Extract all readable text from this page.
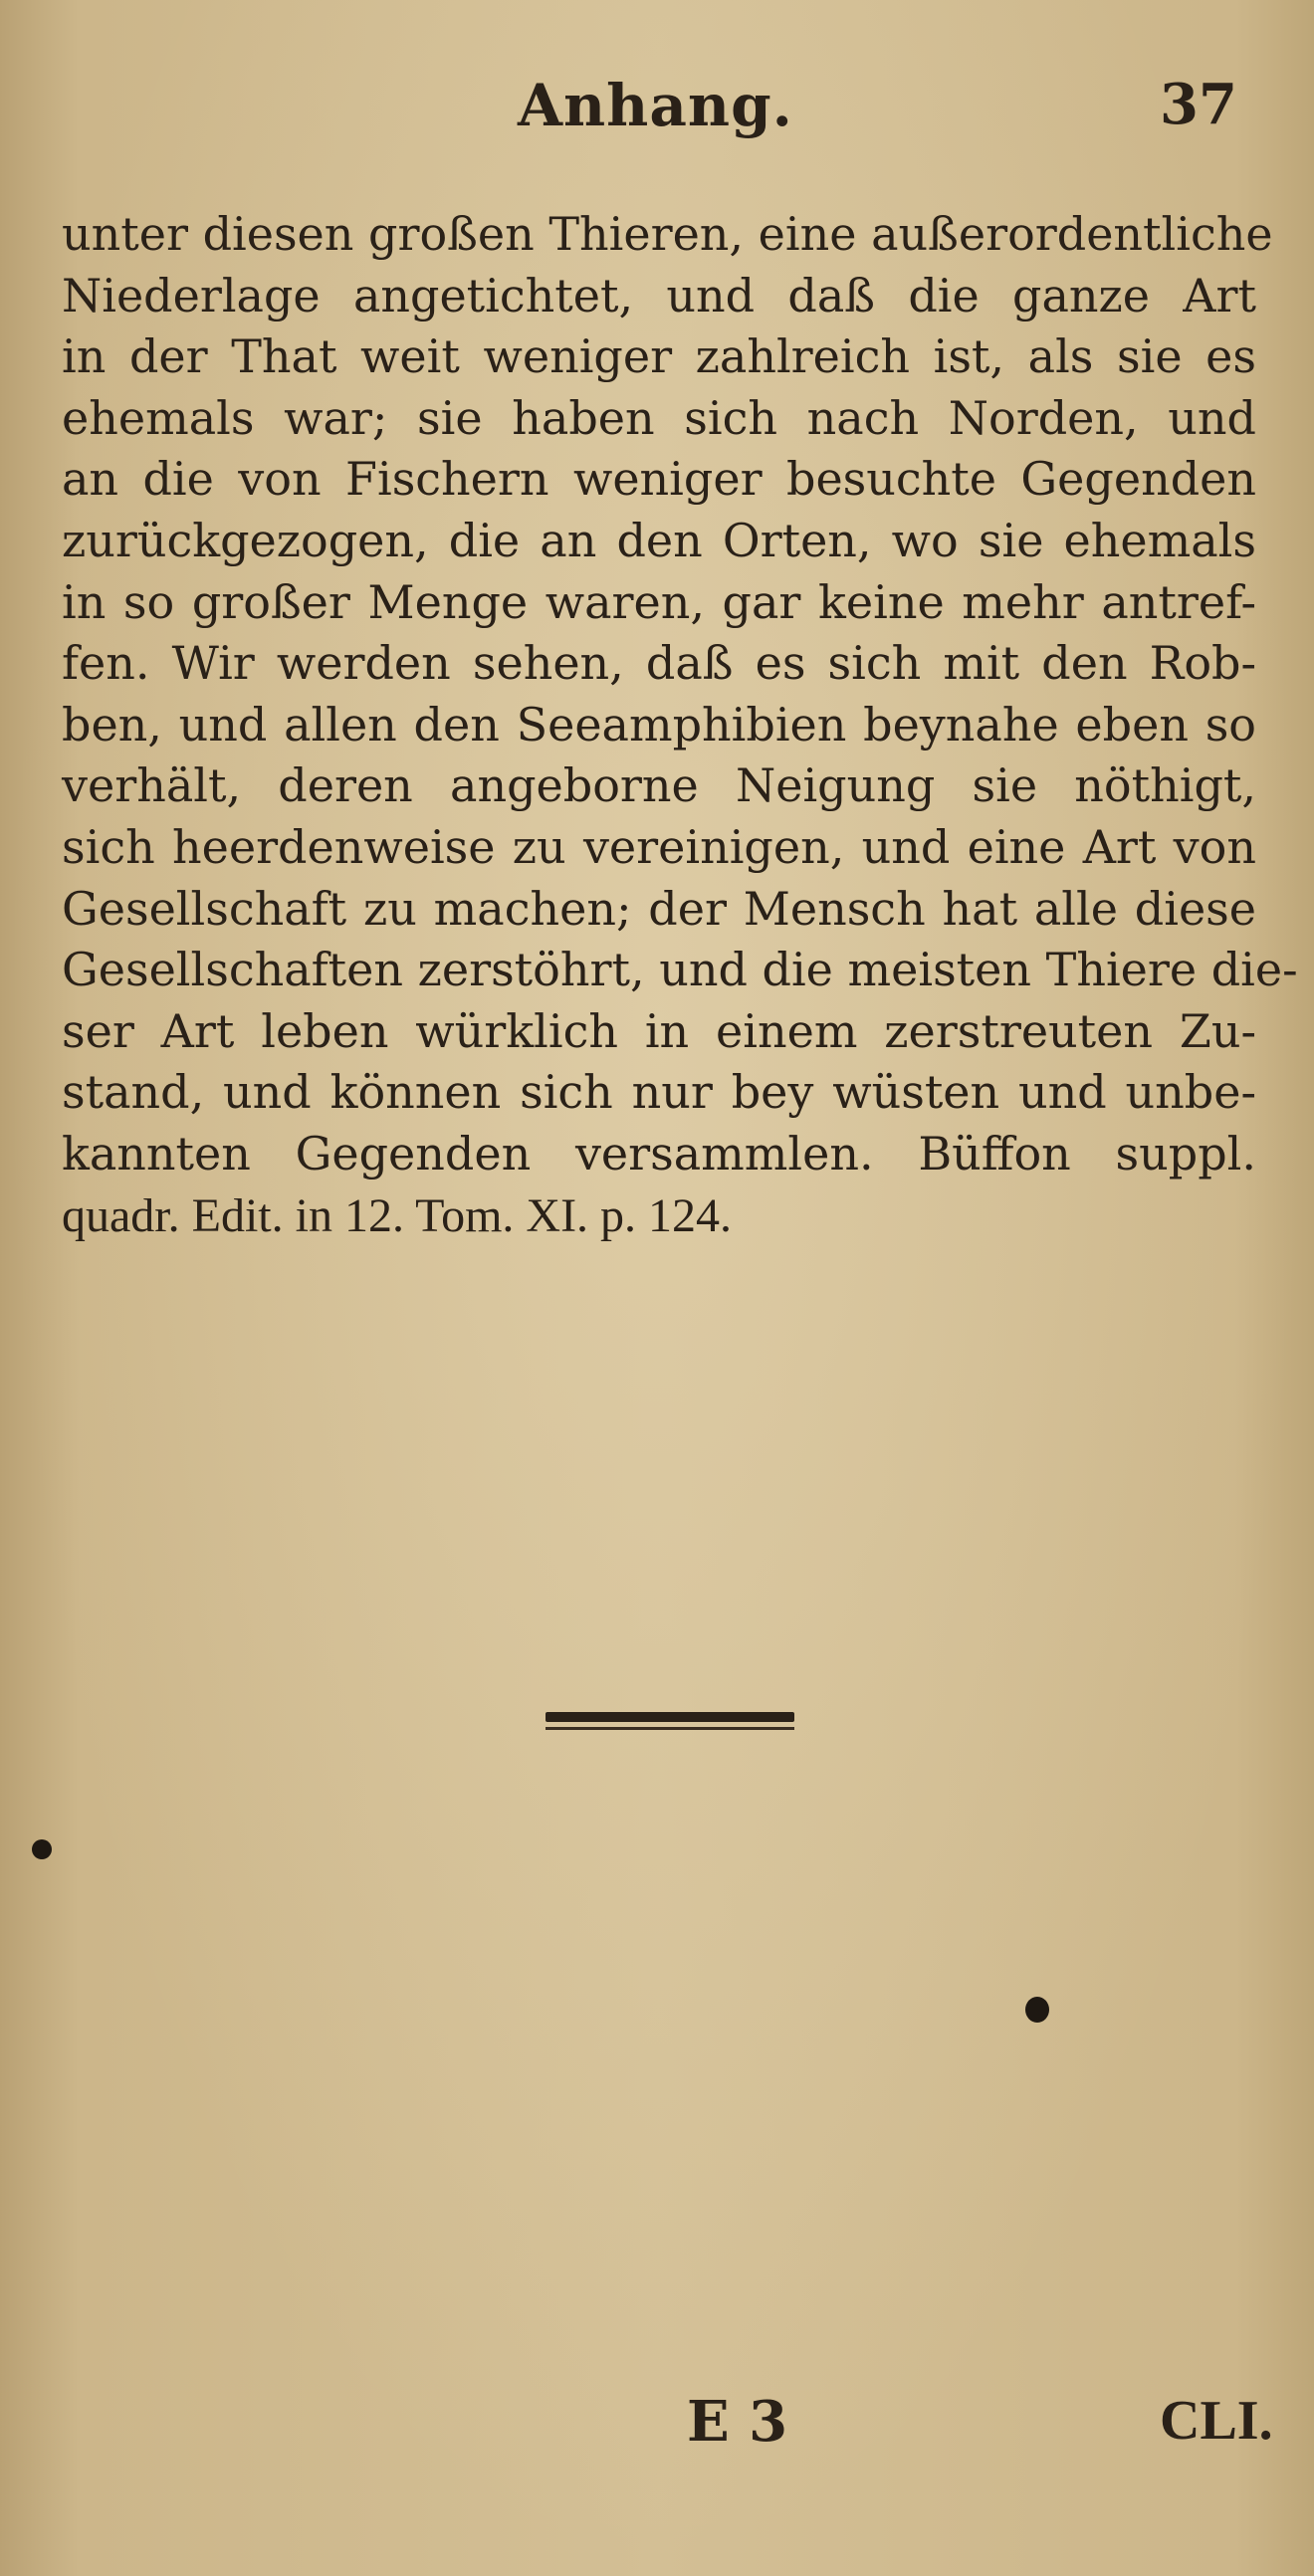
Anhang.	37
unter diesen großen Thieren, eine außerordentliche
Niederlage angetichtet, und daß die ganze Art
in der That weit weniger zahlreich ist, als sie es
ehemals war; sie haben sich nach Norden, und
an die von Fischern weniger besuchte Gegenden
zurückgezogen, die an den Orten, wo sie ehemals
in so großer Menge waren, gar keine mehr antref-
fen. Wir werden sehen, daß es sich mit den Rob-
ben, und allen den Seeamphibien beynahe eben so
verhält, deren angeborne Neigung sie nöthigt,
sich heerdenweise zu vereinigen, und eine Art von
Gesellschaft zu machen; der Mensch hat alle diese
Gesellschaften zerstöhrt, und die meisten Thiere die-
ser Art leben würklich in einem zerstreuten Zu-
stand, und können sich nur bey wüsten und unbe-
kannten Gegenden versammlen. Büffon suppl.
quadr. Edit. in 12. Tom. XI. p. 124.
E 3	CLI.
